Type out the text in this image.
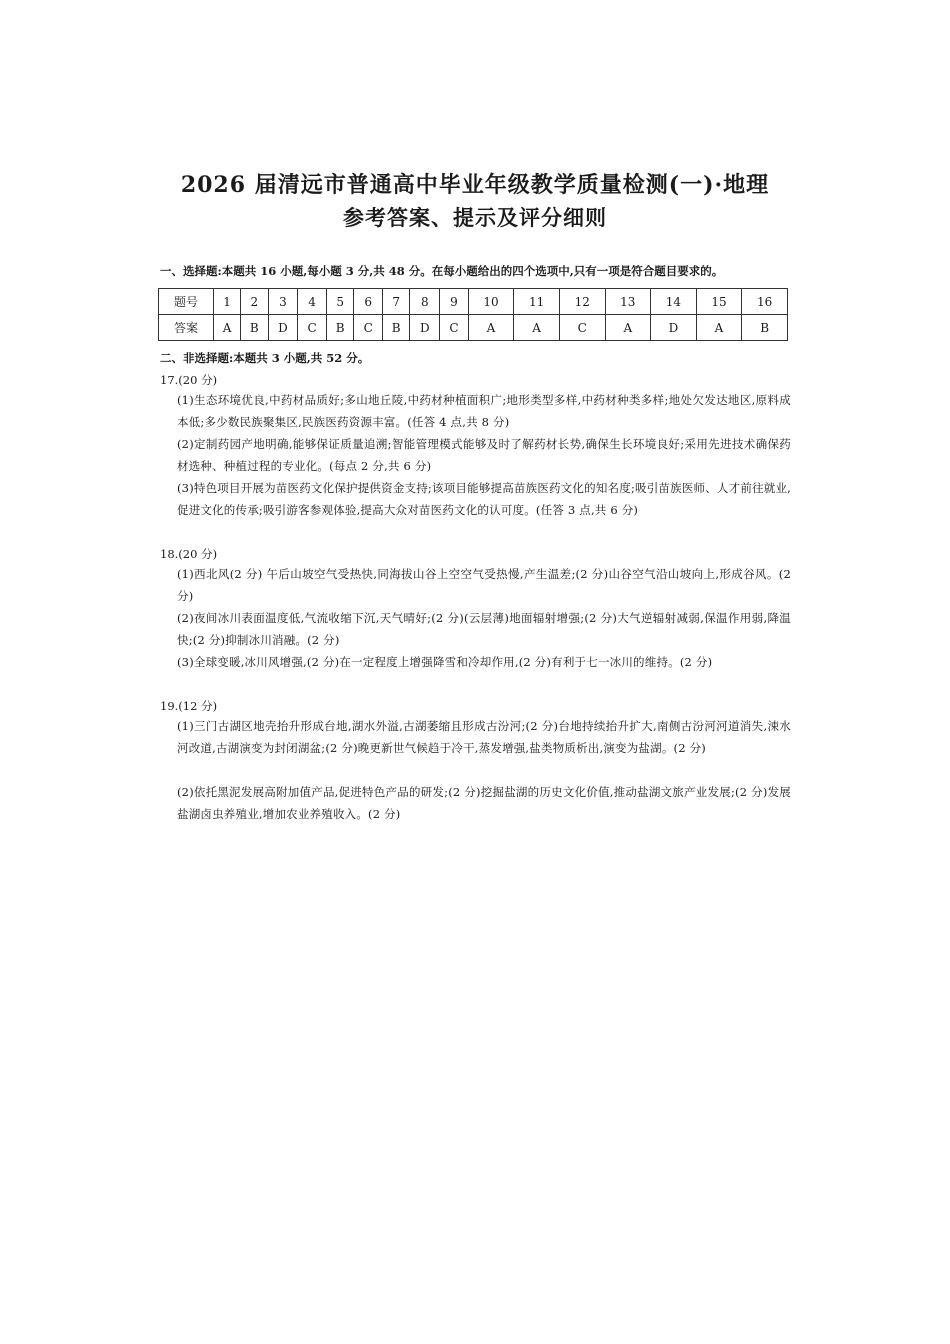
2026 届清远市普通高中毕业年级教学质量检测(一)·地理
参考答案、提示及评分细则
一、选择题:本题共 16 小题,每小题 3 分,共 48 分。在每小题给出的四个选项中,只有一项是符合题目要求的。
题号	1	2	3	4	5	6	7	8	9	10	11	12	13	14	15	16
答案	A	B	D	C	B	C	B	D	C	A	A	C	A	D	A	B
二、非选择题:本题共 3 小题,共 52 分。
17.(20 分)
(1)生态环境优良,中药材品质好;多山地丘陵,中药材种植面积广;地形类型多样,中药材种类多样;地处欠发达地区,原料成本低;多少数民族聚集区,民族医药资源丰富。(任答 4 点,共 8 分)
(2)定制药园产地明确,能够保证质量追溯;智能管理模式能够及时了解药材长势,确保生长环境良好;采用先进技术确保药材选种、种植过程的专业化。(每点 2 分,共 6 分)
(3)特色项目开展为苗医药文化保护提供资金支持;该项目能够提高苗族医药文化的知名度;吸引苗族医师、人才前往就业,促进文化的传承;吸引游客参观体验,提高大众对苗医药文化的认可度。(任答 3 点,共 6 分)
18.(20 分)
(1)西北风(2 分) 午后山坡空气受热快,同海拔山谷上空空气受热慢,产生温差;(2 分)山谷空气沿山坡向上,形成谷风。(2 分)
(2)夜间冰川表面温度低,气流收缩下沉,天气晴好;(2 分)(云层薄)地面辐射增强;(2 分)大气逆辐射减弱,保温作用弱,降温快;(2 分)抑制冰川消融。(2 分)
(3)全球变暖,冰川风增强,(2 分)在一定程度上增强降雪和冷却作用,(2 分)有利于七一冰川的维持。(2 分)
19.(12 分)
(1)三门古湖区地壳抬升形成台地,湖水外溢,古湖萎缩且形成古汾河;(2 分)台地持续抬升扩大,南侧古汾河河道消失,涑水河改道,古湖演变为封闭湖盆;(2 分)晚更新世气候趋于冷干,蒸发增强,盐类物质析出,演变为盐湖。(2 分)
(2)依托黑泥发展高附加值产品,促进特色产品的研发;(2 分)挖掘盐湖的历史文化价值,推动盐湖文旅产业发展;(2 分)发展盐湖卤虫养殖业,增加农业养殖收入。(2 分)
